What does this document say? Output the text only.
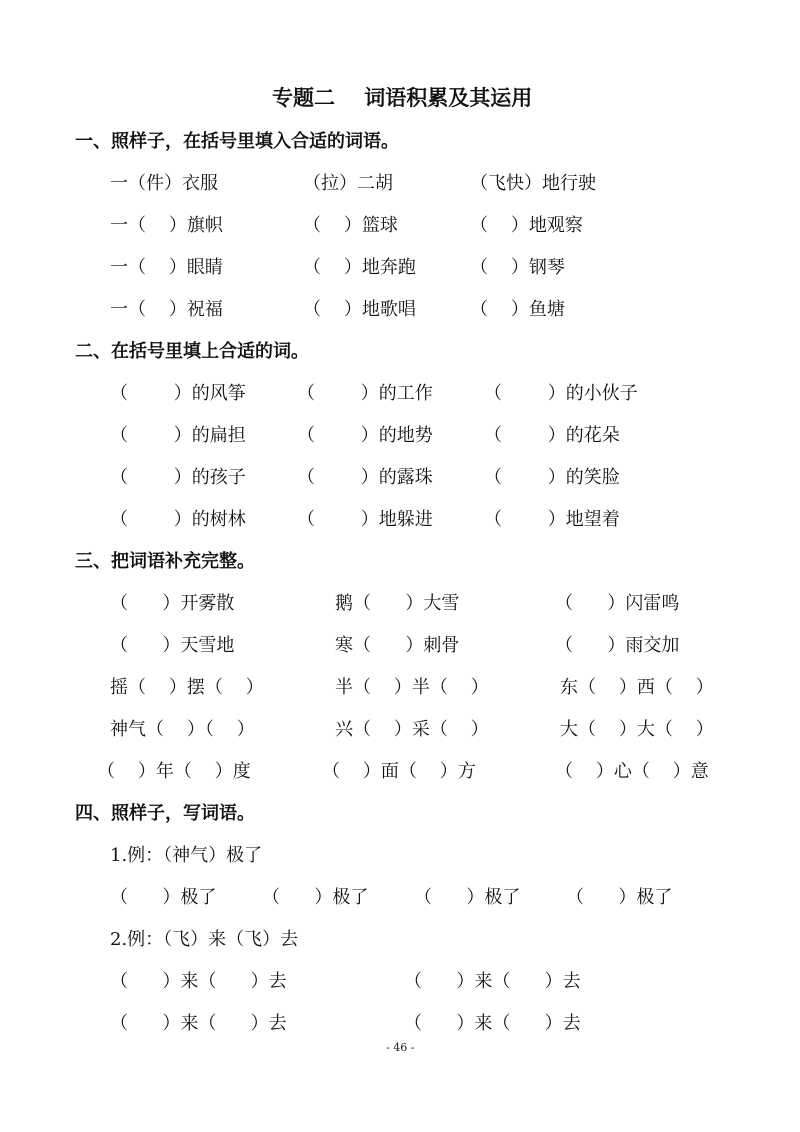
专题二    词语积累及其运用
一、照样子，在括号里填入合适的词语。
一（件）衣服	（拉）二胡	（飞快）地行驶
一（    ）旗帜	（    ）篮球	（    ）地观察
一（    ）眼睛	（    ）地奔跑	（    ）钢琴
一（    ）祝福	（    ）地歌唱	（    ）鱼塘
二、在括号里填上合适的词。
（        ）的风筝	（        ）的工作	（        ）的小伙子
（        ）的扁担	（        ）的地势	（        ）的花朵
（        ）的孩子	（        ）的露珠	（        ）的笑脸
（        ）的树林	（        ）地躲进	（        ）地望着
三、把词语补充完整。
（      ）开雾散	鹅（      ）大雪	（      ）闪雷鸣
（      ）天雪地	寒（      ）刺骨	（      ）雨交加
摇（    ）摆（    ）	半（    ）半（    ）	东（    ）西（    ）
神气（    ）（    ）	兴（    ）采（    ）	大（    ）大（    ）
（    ）年（    ）度	（    ）面（    ）方	（    ）心（    ）意
四、照样子，写词语。
1.例：（神气）极了
（      ）极了	（      ）极了	（      ）极了	（      ）极了
2.例：（飞）来（飞）去
（      ）来（      ）去	（      ）来（      ）去
（      ）来（      ）去	（      ）来（      ）去
- 46 -
